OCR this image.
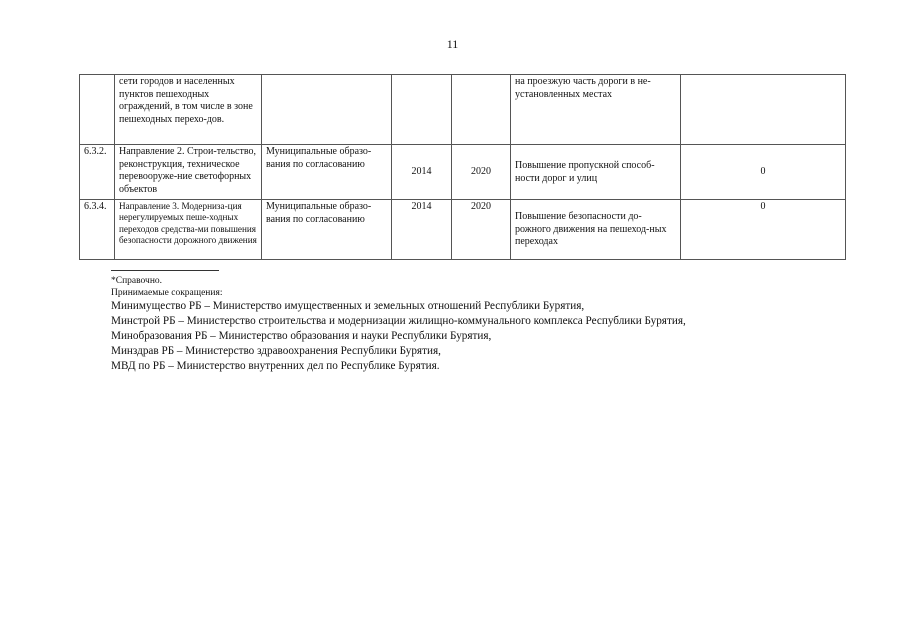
11
	сети городов и населенных пунктов пешеходных ограждений, в том числе в зоне пешеходных перехо-дов.				на проезжую часть дороги в не-установленных местах	
6.3.2.	Направление 2. Строи-тельство, реконструкция, техническое перевооруже-ние светофорных объектов	Муниципальные образо-вания по согласованию	2014	2020	Повышение пропускной способ-ности дорог и улиц	0
6.3.4.	Направление 3. Модерниза-ция нерегулируемых пеше-ходных переходов средства-ми повышения безопасности дорожного движения	Муниципальные образо-вания по согласованию	2014	2020	Повышение безопасности до-рожного движения на пешеход-ных переходах	0
*Справочно.
Принимаемые сокращения:
Минимущество РБ – Министерство имущественных и земельных отношений Республики Бурятия,
Минстрой РБ – Министерство строительства и модернизации жилищно-коммунального комплекса Республики Бурятия,
Минобразования РБ – Министерство образования и науки Республики Бурятия,
Минздрав РБ – Министерство здравоохранения Республики Бурятия,
МВД по РБ – Министерство внутренних дел по Республике Бурятия.
